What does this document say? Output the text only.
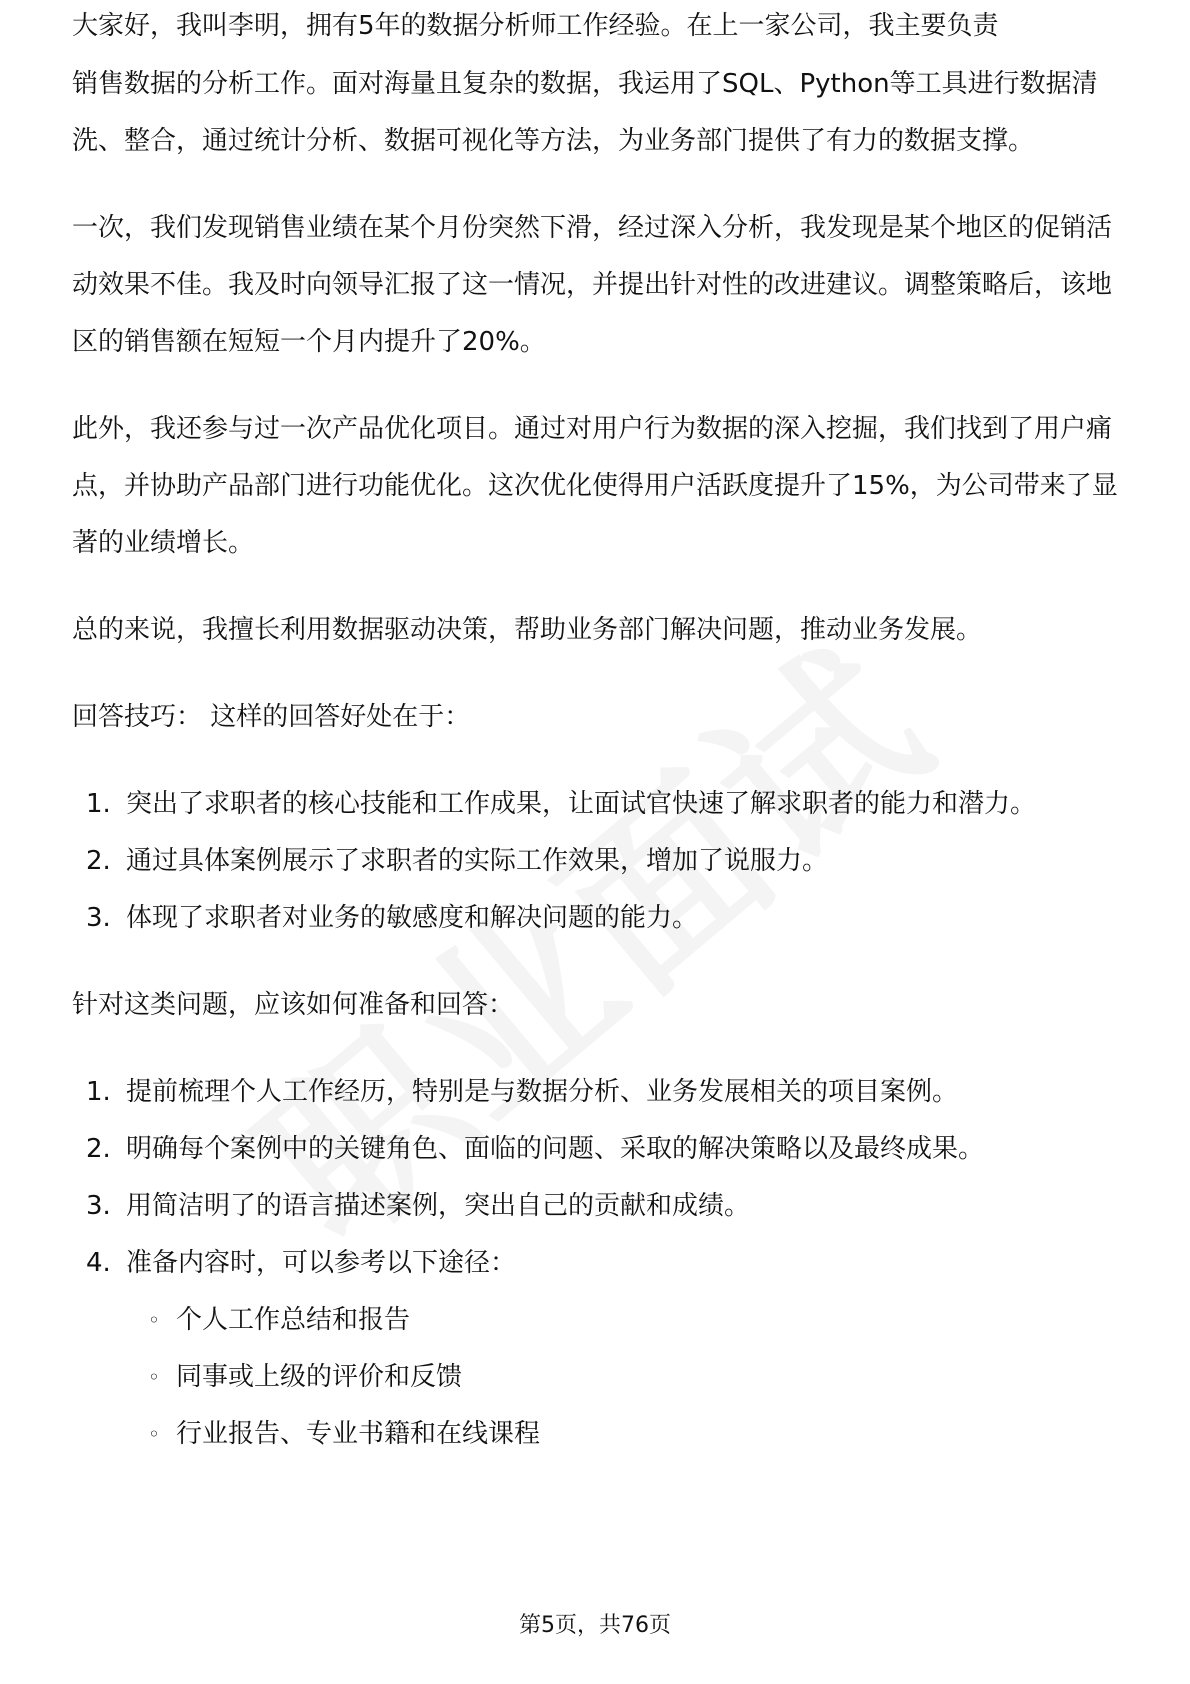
大家好，我叫李明，拥有5年的数据分析师工作经验。在上一家公司，我主要负责

销售数据的分析工作。面对海量且复杂的数据，我运用了SQL、Python等工具进行数据清洗、整合，通过统计分析、数据可视化等方法，为业务部门提供了有力的数据支撑。

一次，我们发现销售业绩在某个月份突然下滑，经过深入分析，我发现是某个地区的促销活动效果不佳。我及时向领导汇报了这一情况，并提出针对性的改进建议。调整策略后，该地区的销售额在短短一个月内提升了20%。

此外，我还参与过一次产品优化项目。通过对用户行为数据的深入挖掘，我们找到了用户痛点，并协助产品部门进行功能优化。这次优化使得用户活跃度提升了15%，为公司带来了显著的业绩增长。

总的来说，我擅长利用数据驱动决策，帮助业务部门解决问题，推动业务发展。

回答技巧： 这样的回答好处在于：

1. 突出了求职者的核心技能和工作成果，让面试官快速了解求职者的能力和潜力。
2. 通过具体案例展示了求职者的实际工作效果，增加了说服力。
3. 体现了求职者对业务的敏感度和解决问题的能力。

针对这类问题，应该如何准备和回答：

1. 提前梳理个人工作经历，特别是与数据分析、业务发展相关的项目案例。
2. 明确每个案例中的关键角色、面临的问题、采取的解决策略以及最终成果。
3. 用简洁明了的语言描述案例，突出自己的贡献和成绩。
4. 准备内容时，可以参考以下途径：
◦ 个人工作总结和报告
◦ 同事或上级的评价和反馈
◦ 行业报告、专业书籍和在线课程
第5页，共76页
